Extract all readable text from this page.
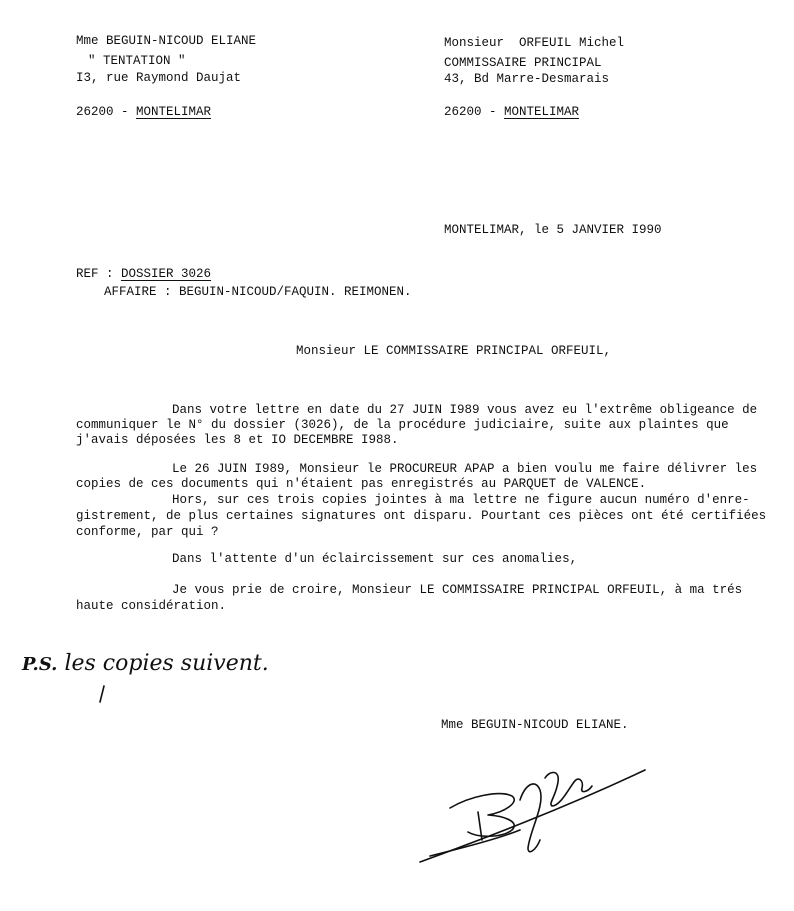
Mme BEGUIN-NICOUD ELIANE
" TENTATION "
I3, rue Raymond Daujat
26200 - MONTELIMAR
Monsieur  ORFEUIL Michel
COMMISSAIRE PRINCIPAL
43, Bd Marre-Desmarais
26200 - MONTELIMAR
MONTELIMAR, le 5 JANVIER I990
REF : DOSSIER 3026
AFFAIRE : BEGUIN-NICOUD/FAQUIN. REIMONEN.
Monsieur LE COMMISSAIRE PRINCIPAL ORFEUIL,
Dans votre lettre en date du 27 JUIN I989 vous avez eu l'extrême obligeance de
communiquer le N° du dossier (3026), de la procédure judiciaire, suite aux plaintes que
j'avais déposées les 8 et IO DECEMBRE I988.
Le 26 JUIN I989, Monsieur le PROCUREUR APAP a bien voulu me faire délivrer les
copies de ces documents qui n'étaient pas enregistrés au PARQUET de VALENCE.
Hors, sur ces trois copies jointes à ma lettre ne figure aucun numéro d'enre-
gistrement, de plus certaines signatures ont disparu. Pourtant ces pièces ont été certifiées
conforme, par qui ?
Dans l'attente d'un éclaircissement sur ces anomalies,
Je vous prie de croire, Monsieur LE COMMISSAIRE PRINCIPAL ORFEUIL, à ma trés
haute considération.
P.S. les copies suivent.
Mme BEGUIN-NICOUD ELIANE.
